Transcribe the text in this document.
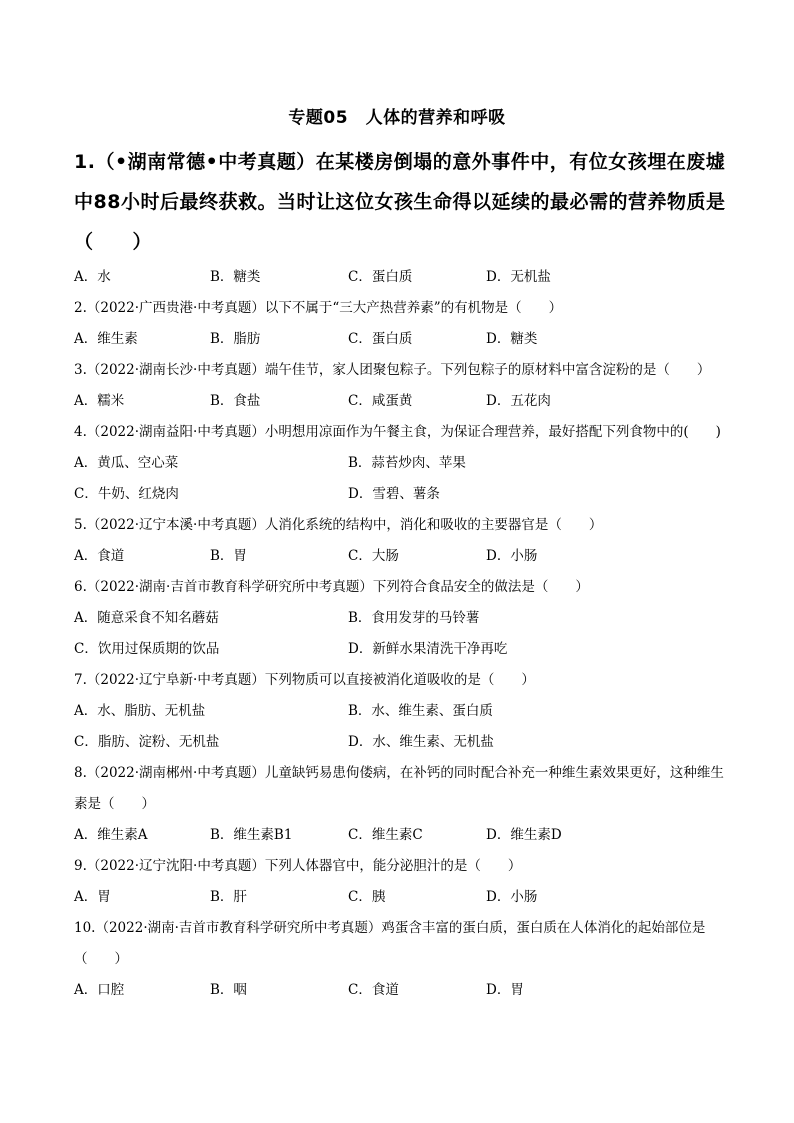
专题05　人体的营养和呼吸
1.（•湖南常德•中考真题）在某楼房倒塌的意外事件中，有位女孩埋在废墟中88小时后最终获救。当时让这位女孩生命得以延续的最必需的营养物质是（　　）
A．水	B．糖类	C．蛋白质	D．无机盐
2.（2022·广西贵港·中考真题）以下不属于“三大产热营养素”的有机物是（　　）
A．维生素	B．脂肪	C．蛋白质	D．糖类
3.（2022·湖南长沙·中考真题）端午佳节，家人团聚包粽子。下列包粽子的原材料中富含淀粉的是（　　）
A．糯米	B．食盐	C．咸蛋黄	D．五花肉
4.（2022·湖南益阳·中考真题）小明想用凉面作为午餐主食，为保证合理营养，最好搭配下列食物中的(　　)
A．黄瓜、空心菜	B．蒜苔炒肉、苹果
C．牛奶、红烧肉	D．雪碧、薯条
5.（2022·辽宁本溪·中考真题）人消化系统的结构中，消化和吸收的主要器官是（　　）
A．食道	B．胃	C．大肠	D．小肠
6.（2022·湖南·吉首市教育科学研究所中考真题）下列符合食品安全的做法是（　　）
A．随意采食不知名蘑菇	B．食用发芽的马铃薯
C．饮用过保质期的饮品	D．新鲜水果清洗干净再吃
7.（2022·辽宁阜新·中考真题）下列物质可以直接被消化道吸收的是（　　）
A．水、脂肪、无机盐	B．水、维生素、蛋白质
C．脂肪、淀粉、无机盐	D．水、维生素、无机盐
8.（2022·湖南郴州·中考真题）儿童缺钙易患佝偻病，在补钙的同时配合补充一种维生素效果更好，这种维生素是（　　）
A．维生素A	B．维生素B1	C．维生素C	D．维生素D
9.（2022·辽宁沈阳·中考真题）下列人体器官中，能分泌胆汁的是（　　）
A．胃	B．肝	C．胰	D．小肠
10.（2022·湖南·吉首市教育科学研究所中考真题）鸡蛋含丰富的蛋白质，蛋白质在人体消化的起始部位是（　　）
A．口腔	B．咽	C．食道	D．胃
